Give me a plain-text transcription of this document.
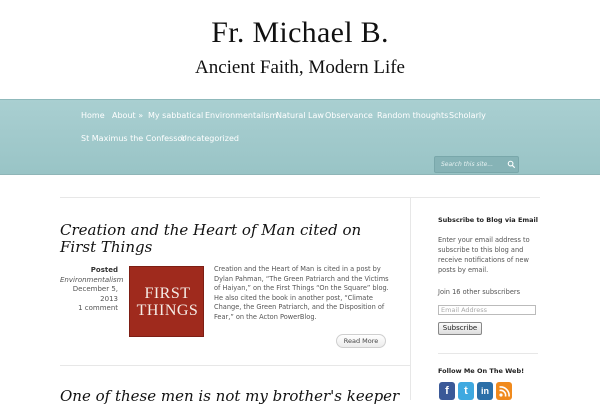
Fr. Michael B.
Ancient Faith, Modern Life
Home About » My sabbatical Environmentalism
Natural Law Observance Random thoughts Scholarly
St Maximus the Confessor
Uncategorized
Search this site...
Creation and the Heart of Man cited on First Things
Posted
Environmentalism
December 5,
2013
1 comment
FIRST
THINGS
Creation and the Heart of Man is cited in a post by Dylan Pahman, “The Green Patriarch and the Victims of Haiyan,” on the First Things “On the Square” blog. He also cited the book in another post, “Climate Change, the Green Patriarch, and the Disposition of Fear,” on the Acton PowerBlog.
Read More
One of these men is not my brother's keeper
Subscribe to Blog via Email
Enter your email address to subscribe to this blog and receive notifications of new posts by email.
Join 16 other subscribers
Email Address
Subscribe
Follow Me On The Web!
f	t	in
